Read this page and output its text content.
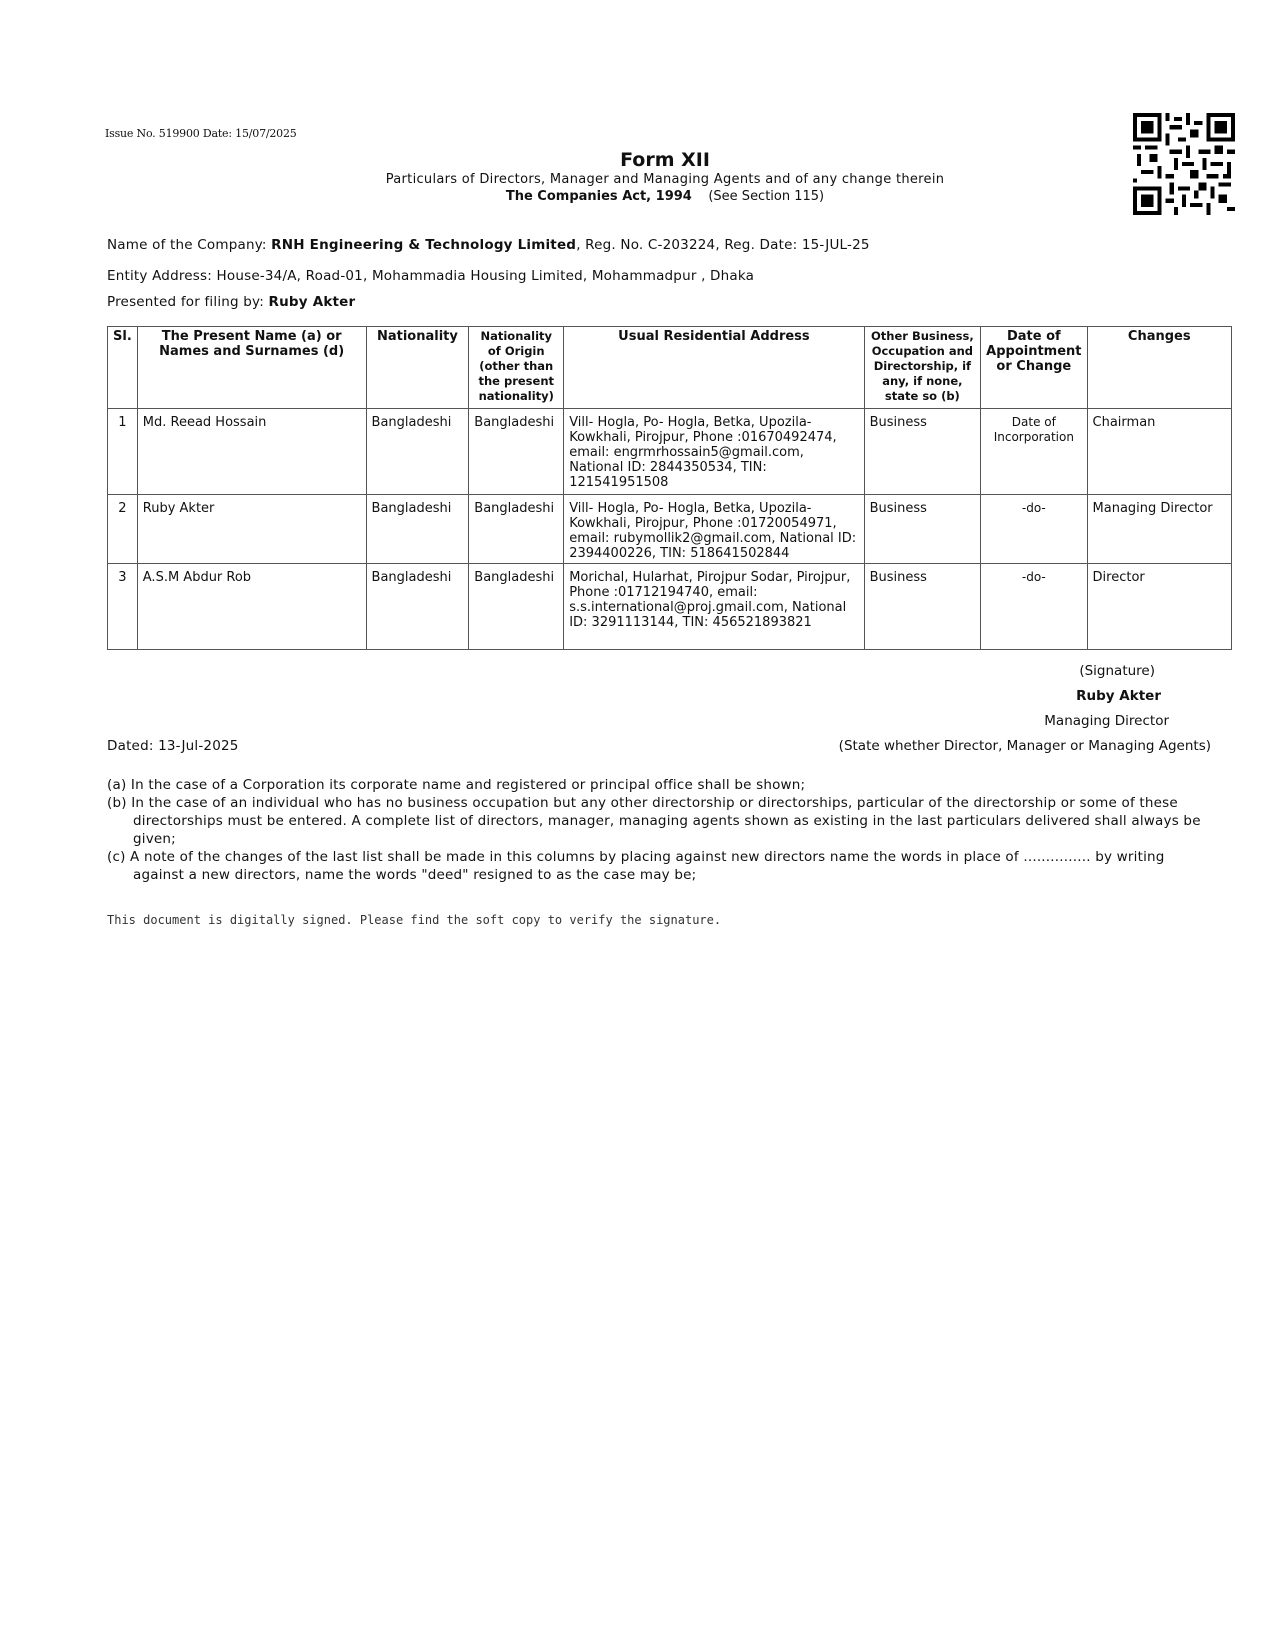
Issue No. 519900 Date: 15/07/2025
Form XII
Particulars of Directors, Manager and Managing Agents and of any change therein
The Companies Act, 1994 (See Section 115)
Name of the Company: RNH Engineering & Technology Limited, Reg. No. C-203224, Reg. Date: 15-JUL-25
Entity Address: House-34/A, Road-01, Mohammadia Housing Limited, Mohammadpur , Dhaka
Presented for filing by: Ruby Akter
Sl.	The Present Name (a) or Names and Surnames (d)	Nationality	Nationality of Origin (other than the present nationality)	Usual Residential Address	Other Business, Occupation and Directorship, if any, if none, state so (b)	Date of Appointment or Change	Changes
1	Md. Reead Hossain	Bangladeshi	Bangladeshi	Vill- Hogla, Po- Hogla, Betka, Upozila-Kowkhali, Pirojpur, Phone :01670492474, email: engrmrhossain5@gmail.com, National ID: 2844350534, TIN: 121541951508	Business	Date of Incorporation	Chairman
2	Ruby Akter	Bangladeshi	Bangladeshi	Vill- Hogla, Po- Hogla, Betka, Upozila-Kowkhali, Pirojpur, Phone :01720054971, email: rubymollik2@gmail.com, National ID: 2394400226, TIN: 518641502844	Business	-do-	Managing Director
3	A.S.M Abdur Rob	Bangladeshi	Bangladeshi	Morichal, Hularhat, Pirojpur Sodar, Pirojpur, Phone :01712194740, email: s.s.international@proj.gmail.com, National ID: 3291113144, TIN: 456521893821	Business	-do-	Director
(Signature)
Ruby Akter
Managing Director
(State whether Director, Manager or Managing Agents)
Dated: 13-Jul-2025
(a) In the case of a Corporation its corporate name and registered or principal office shall be shown;
(b) In the case of an individual who has no business occupation but any other directorship or directorships, particular of the directorship or some of these directorships must be entered. A complete list of directors, manager, managing agents shown as existing in the last particulars delivered shall always be given;
(c) A note of the changes of the last list shall be made in this columns by placing against new directors name the words in place of ............... by writing against a new directors, name the words "deed" resigned to as the case may be;
This document is digitally signed. Please find the soft copy to verify the signature.
